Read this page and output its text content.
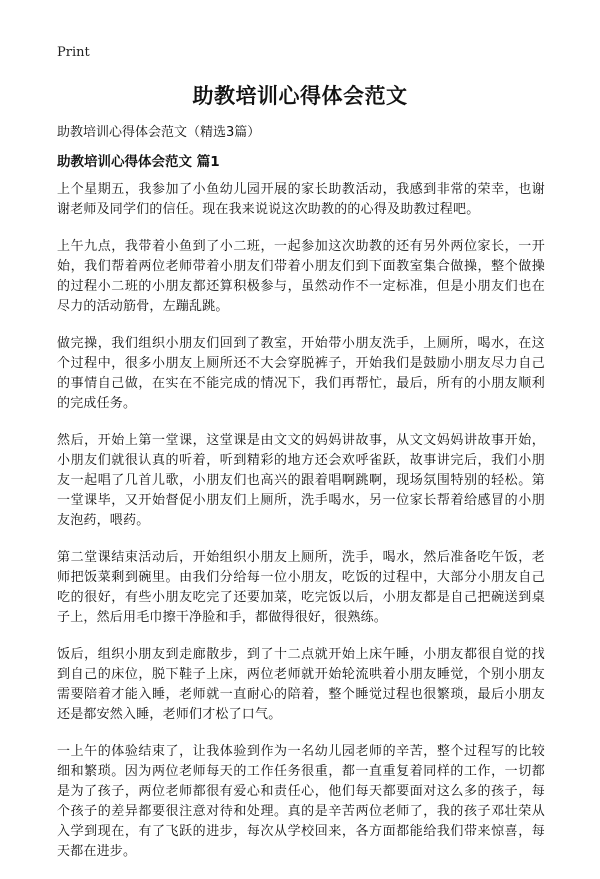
Print
助教培训心得体会范文

助教培训心得体会范文（精选3篇）

助教培训心得体会范文 篇1

上个星期五，我参加了小鱼幼儿园开展的家长助教活动，我感到非常的荣幸，也谢谢老师及同学们的信任。现在我来说说这次助教的的心得及助教过程吧。

上午九点，我带着小鱼到了小二班，一起参加这次助教的还有另外两位家长，一开始，我们帮着两位老师带着小朋友们带着小朋友们到下面教室集合做操，整个做操的过程小二班的小朋友都还算积极参与，虽然动作不一定标准，但是小朋友们也在尽力的活动筋骨，左蹦乱跳。

做完操，我们组织小朋友们回到了教室，开始带小朋友洗手，上厕所，喝水，在这个过程中，很多小朋友上厕所还不大会穿脱裤子，开始我们是鼓励小朋友尽力自己的事情自己做，在实在不能完成的情况下，我们再帮忙，最后，所有的小朋友顺利的完成任务。

然后，开始上第一堂课，这堂课是由文文的妈妈讲故事，从文文妈妈讲故事开始，小朋友们就很认真的听着，听到精彩的地方还会欢呼雀跃，故事讲完后，我们小朋友一起唱了几首儿歌，小朋友们也高兴的跟着唱啊跳啊，现场氛围特别的轻松。第一堂课毕，又开始督促小朋友们上厕所，洗手喝水，另一位家长帮着给感冒的小朋友泡药，喂药。

第二堂课结束活动后，开始组织小朋友上厕所，洗手，喝水，然后准备吃午饭，老师把饭菜剩到碗里。由我们分给每一位小朋友，吃饭的过程中，大部分小朋友自己吃的很好，有些小朋友吃完了还要加菜，吃完饭以后，小朋友都是自己把碗送到桌子上，然后用毛巾擦干净脸和手，都做得很好，很熟练。

饭后，组织小朋友到走廊散步，到了十二点就开始上床午睡，小朋友都很自觉的找到自己的床位，脱下鞋子上床，两位老师就开始轮流哄着小朋友睡觉，个别小朋友需要陪着才能入睡，老师就一直耐心的陪着，整个睡觉过程也很繁琐，最后小朋友还是都安然入睡，老师们才松了口气。

一上午的体验结束了，让我体验到作为一名幼儿园老师的辛苦，整个过程写的比较细和繁琐。因为两位老师每天的工作任务很重，都一直重复着同样的工作，一切都是为了孩子，两位老师都很有爱心和责任心，他们每天都要面对这么多的孩子，每个孩子的差异都要很注意对待和处理。真的是辛苦两位老师了，我的孩子邓壮荣从入学到现在，有了飞跃的进步，每次从学校回来，各方面都能给我们带来惊喜，每天都在进步。
